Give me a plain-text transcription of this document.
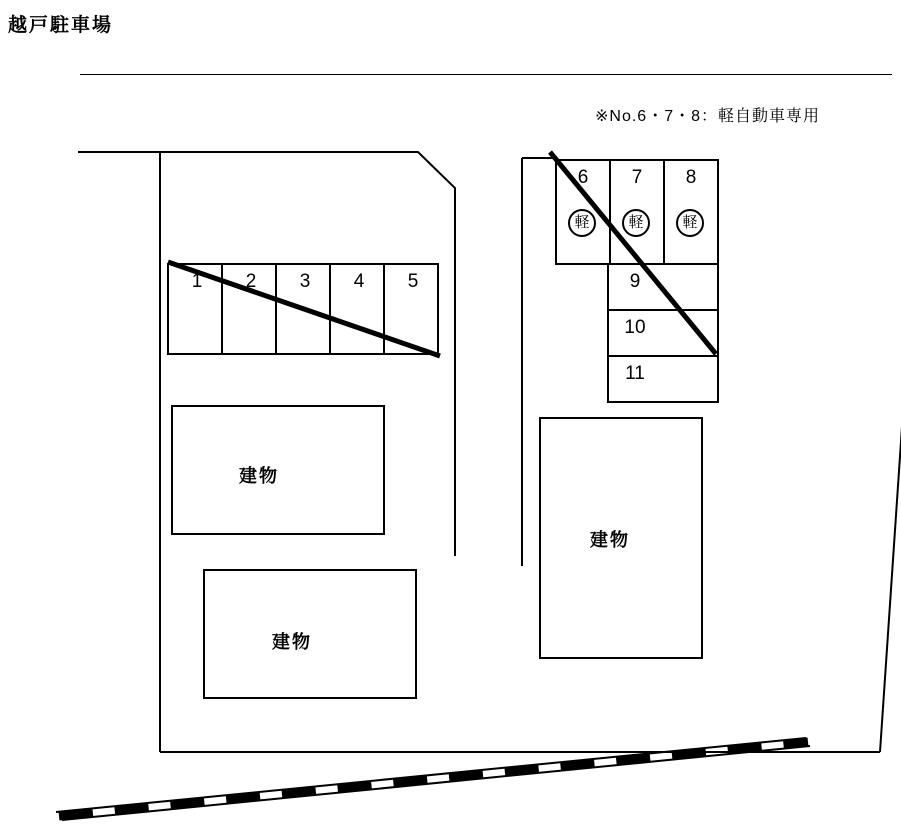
越戸駐車場
※No.6・7・8：軽自動車専用
1	2	3	4	5
6	7	8
9
10
11
軽	軽	軽
建物
建物
建物
